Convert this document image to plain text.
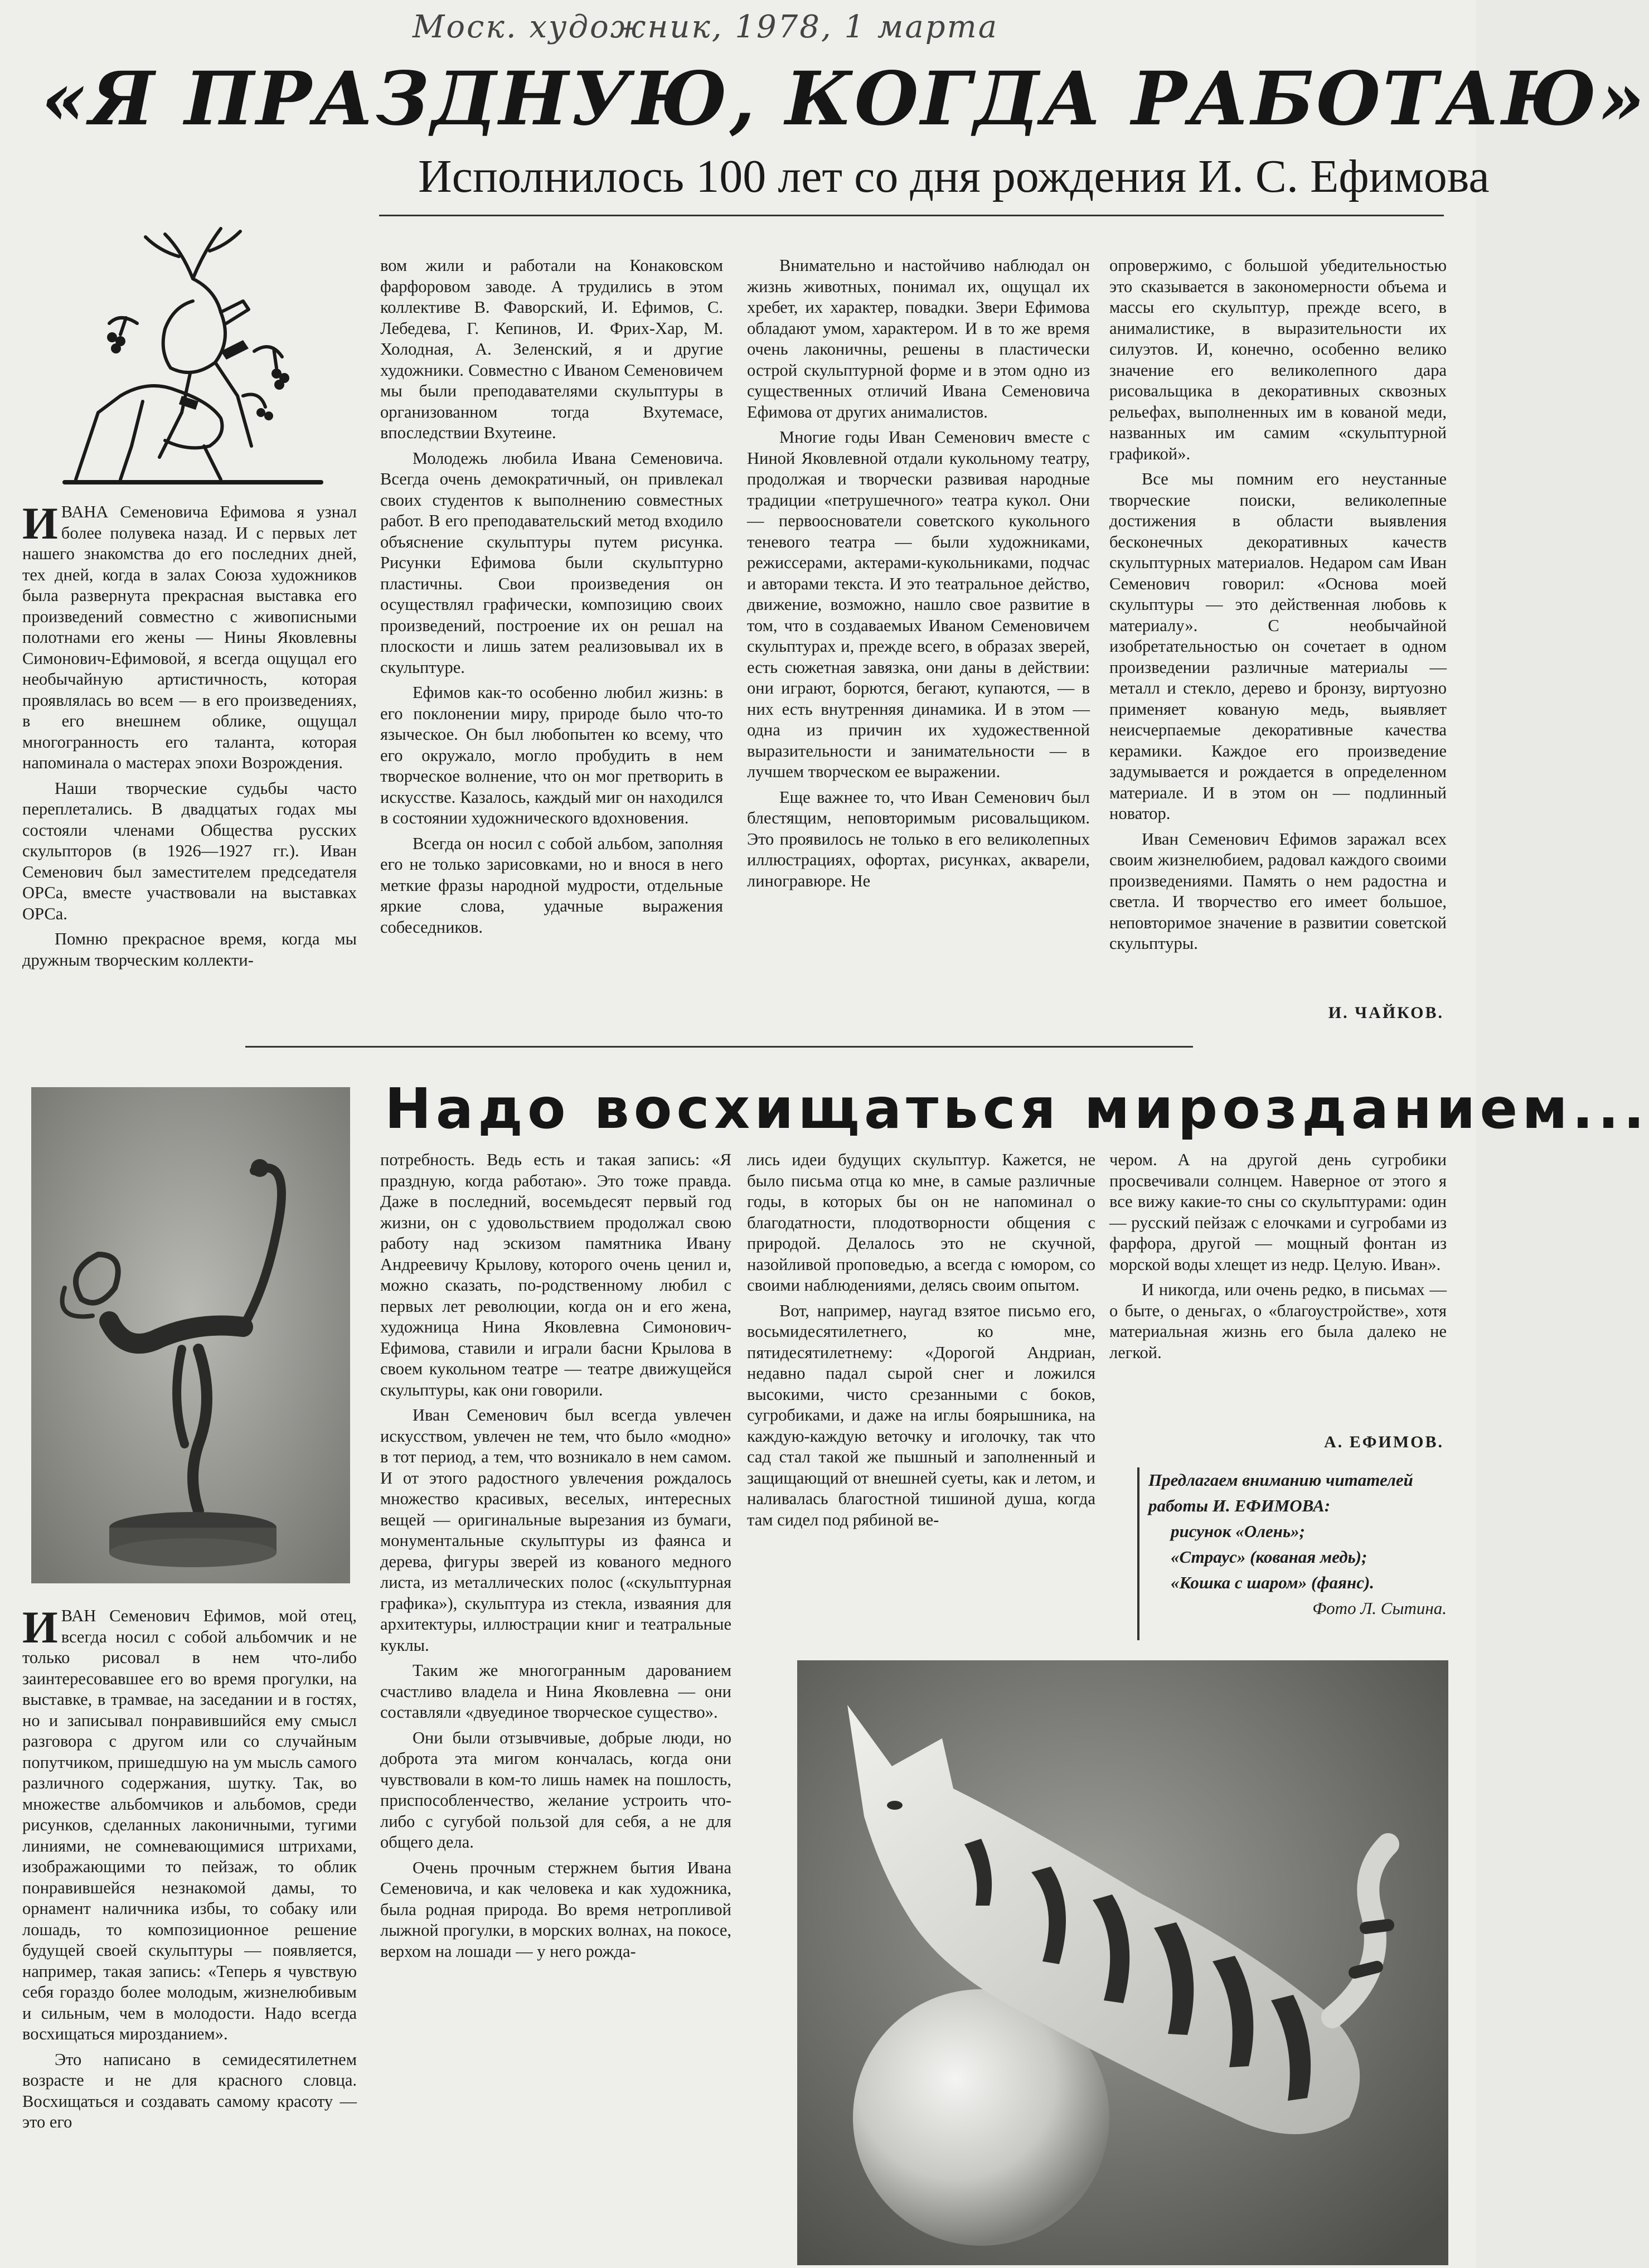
Моск. художник, 1978, 1 марта
«Я ПРАЗДНУЮ, КОГДА РАБОТАЮ»
Исполнилось 100 лет со дня рождения И. С. Ефимова

ИВАНА Семеновича Ефимова я узнал более полувека назад. И с первых лет нашего знакомства до его последних дней, тех дней, когда в залах Союза художников была развернута прекрасная выставка его произведений совместно с живописными полотнами его жены — Нины Яковлевны Симонович-Ефимовой, я всегда ощущал его необычайную артистичность, которая проявлялась во всем — в его произведениях, в его внешнем облике, ощущал многогранность его таланта, которая напоминала о мастерах эпохи Возрождения.

Наши творческие судьбы часто переплетались. В двадцатых годах мы состояли членами Общества русских скульпторов (в 1926—1927 гг.). Иван Семенович был заместителем председателя ОРСа, вместе участвовали на выставках ОРСа.

Помню прекрасное время, когда мы дружным творческим коллекти-

вом жили и работали на Конаковском фарфоровом заводе. А трудились в этом коллективе В. Фаворский, И. Ефимов, С. Лебедева, Г. Кепинов, И. Фрих-Хар, М. Холодная, А. Зеленский, я и другие художники. Совместно с Иваном Семеновичем мы были преподавателями скульптуры в организованном тогда Вхутемасе, впоследствии Вхутеине.

Молодежь любила Ивана Семеновича. Всегда очень демократичный, он привлекал своих студентов к выполнению совместных работ. В его преподавательский метод входило объяснение скульптуры путем рисунка. Рисунки Ефимова были скульптурно пластичны. Свои произведения он осуществлял графически, композицию своих произведений, построение их он решал на плоскости и лишь затем реализовывал их в скульптуре.

Ефимов как-то особенно любил жизнь: в его поклонении миру, природе было что-то языческое. Он был любопытен ко всему, что его окружало, могло пробудить в нем творческое волнение, что он мог претворить в искусстве. Казалось, каждый миг он находился в состоянии художнического вдохновения.

Всегда он носил с собой альбом, заполняя его не только зарисовками, но и внося в него меткие фразы народной мудрости, отдельные яркие слова, удачные выражения собеседников.

Внимательно и настойчиво наблюдал он жизнь животных, понимал их, ощущал их хребет, их характер, повадки. Звери Ефимова обладают умом, характером. И в то же время очень лаконичны, решены в пластически острой скульптурной форме и в этом одно из существенных отличий Ивана Семеновича Ефимова от других анималистов.

Многие годы Иван Семенович вместе с Ниной Яковлевной отдали кукольному театру, продолжая и творчески развивая народные традиции «петрушечного» театра кукол. Они — первооснователи советского кукольного теневого театра — были художниками, режиссерами, актерами-кукольниками, подчас и авторами текста. И это театральное действо, движение, возможно, нашло свое развитие в том, что в создаваемых Иваном Семеновичем скульптурах и, прежде всего, в образах зверей, есть сюжетная завязка, они даны в действии: они играют, борются, бегают, купаются, — в них есть внутренняя динамика. И в этом — одна из причин их художественной выразительности и занимательности — в лучшем творческом ее выражении.

Еще важнее то, что Иван Семенович был блестящим, неповторимым рисовальщиком. Это проявилось не только в его великолепных иллюстрациях, офортах, рисунках, акварели, линогравюре. Не

опровержимо, с большой убедительностью это сказывается в закономерности объема и массы его скульптур, прежде всего, в анималистике, в выразительности их силуэтов. И, конечно, особенно велико значение его великолепного дара рисовальщика в декоративных сквозных рельефах, выполненных им в кованой меди, названных им самим «скульптурной графикой».

Все мы помним его неустанные творческие поиски, великолепные достижения в области выявления бесконечных декоративных качеств скульптурных материалов. Недаром сам Иван Семенович говорил: «Основа моей скульптуры — это действенная любовь к материалу». С необычайной изобретательностью он сочетает в одном произведении различные материалы — металл и стекло, дерево и бронзу, виртуозно применяет кованую медь, выявляет неисчерпаемые декоративные качества керамики. Каждое его произведение задумывается и рождается в определенном материале. И в этом он — подлинный новатор.

Иван Семенович Ефимов заражал всех своим жизнелюбием, радовал каждого своими произведениями. Память о нем радостна и светла. И творчество его имеет большое, неповторимое значение в развитии советской скульптуры.

И. ЧАЙКОВ.
Надо восхищаться мирозданием...

ИВАН Семенович Ефимов, мой отец, всегда носил с собой альбомчик и не только рисовал в нем что-либо заинтересовавшее его во время прогулки, на выставке, в трамвае, на заседании и в гостях, но и записывал понравившийся ему смысл разговора с другом или со случайным попутчиком, пришедшую на ум мысль самого различного содержания, шутку. Так, во множестве альбомчиков и альбомов, среди рисунков, сделанных лаконичными, тугими линиями, не сомневающимися штрихами, изображающими то пейзаж, то облик понравившейся незнакомой дамы, то орнамент наличника избы, то собаку или лошадь, то композиционное решение будущей своей скульптуры — появляется, например, такая запись: «Теперь я чувствую себя гораздо более молодым, жизнелюбивым и сильным, чем в молодости. Надо всегда восхищаться мирозданием».

Это написано в семидесятилетнем возрасте и не для красного словца. Восхищаться и создавать самому красоту — это его

потребность. Ведь есть и такая запись: «Я праздную, когда работаю». Это тоже правда. Даже в последний, восемьдесят первый год жизни, он с удовольствием продолжал свою работу над эскизом памятника Ивану Андреевичу Крылову, которого очень ценил и, можно сказать, по-родственному любил с первых лет революции, когда он и его жена, художница Нина Яковлевна Симонович-Ефимова, ставили и играли басни Крылова в своем кукольном театре — театре движущейся скульптуры, как они говорили.

Иван Семенович был всегда увлечен искусством, увлечен не тем, что было «модно» в тот период, а тем, что возникало в нем самом. И от этого радостного увлечения рождалось множество красивых, веселых, интересных вещей — оригинальные вырезания из бумаги, монументальные скульптуры из фаянса и дерева, фигуры зверей из кованого медного листа, из металлических полос («скульптурная графика»), скульптура из стекла, изваяния для архитектуры, иллюстрации книг и театральные куклы.

Таким же многогранным дарованием счастливо владела и Нина Яковлевна — они составляли «двуединое творческое существо».

Они были отзывчивые, добрые люди, но доброта эта мигом кончалась, когда они чувствовали в ком-то лишь намек на пошлость, приспособленчество, желание устроить что-либо с сугубой пользой для себя, а не для общего дела.

Очень прочным стержнем бытия Ивана Семеновича, и как человека и как художника, была родная природа. Во время нетропливой лыжной прогулки, в морских волнах, на покосе, верхом на лошади — у него рожда-

лись идеи будущих скульптур. Кажется, не было письма отца ко мне, в самые различные годы, в которых бы он не напоминал о благодатности, плодотворности общения с природой. Делалось это не скучной, назойливой проповедью, а всегда с юмором, со своими наблюдениями, делясь своим опытом.

Вот, например, наугад взятое письмо его, восьмидесятилетнего, ко мне, пятидесятилетнему: «Дорогой Андриан, недавно падал сырой снег и ложился высокими, чисто срезанными с боков, сугробиками, и даже на иглы боярышника, на каждую-каждую веточку и иголочку, так что сад стал такой же пышный и заполненный и защищающий от внешней суеты, как и летом, и наливалась благостной тишиной душа, когда там сидел под рябиной ве-

чером. А на другой день сугробики просвечивали солнцем. Наверное от этого я все вижу какие-то сны со скульптурами: один — русский пейзаж с елочками и сугробами из фарфора, другой — мощный фонтан из морской воды хлещет из недр. Целую. Иван».

И никогда, или очень редко, в письмах — о быте, о деньгах, о «благоустройстве», хотя материальная жизнь его была далеко не легкой.

А. ЕФИМОВ.
Предлагаем вниманию читателей работы И. ЕФИМОВА:
рисунок «Олень»;
«Страус» (кованая медь);
«Кошка с шаром» (фаянс).
Фото Л. Сытина.
